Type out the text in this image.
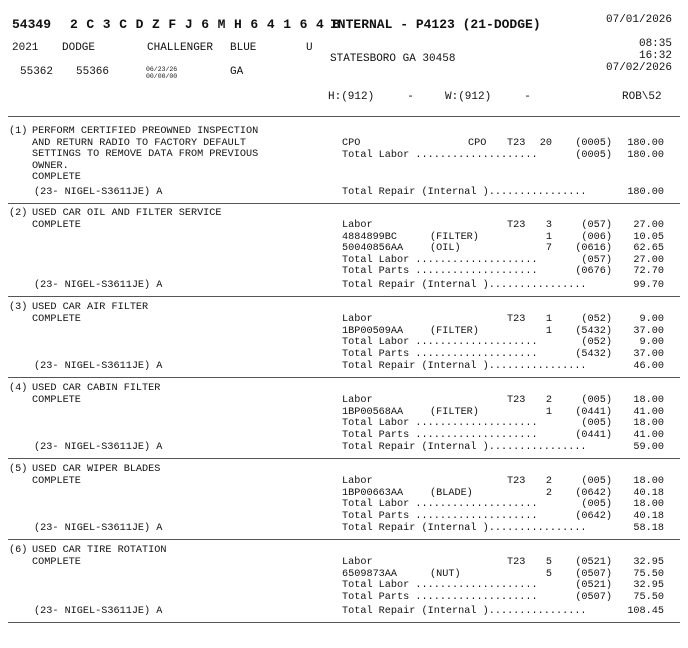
54349 2 C 3 C D Z F J 6 M H 6 4 1 6 4 8
INTERNAL - P4123 (21-DODGE)	07/01/2026
2021 DODGE	CHALLENGER BLUE	U	08:35
16:32
STATESBORO GA 30458
07/02/2026
55362 55366	06/23/26
00/00/00	GA
H:(912)     -	W:(912)     -	ROB\52
(1) PERFORM CERTIFIED PREOWNED INSPECTION
AND RETURN RADIO TO FACTORY DEFAULT
SETTINGS TO REMOVE DATA FROM PREVIOUS
OWNER.
COMPLETE
CPO	CPO T23	20	(0005)	180.00
Total Labor ....................	(0005)	180.00
(23- NIGEL-S3611JE) A	Total Repair (Internal )................	180.00
(2) USED CAR OIL AND FILTER SERVICE
COMPLETE	Labor	T23	3	(057)	27.00
4884899BC	(FILTER)	1	(006)	10.05
50040856AA	(OIL)	7	(0616)	62.65
Total Labor ....................	(057)	27.00
Total Parts ....................	(0676)	72.70
(23- NIGEL-S3611JE) A	Total Repair (Internal )................	99.70
(3) USED CAR AIR FILTER
COMPLETE	Labor	T23	1	(052)	9.00
1BP00509AA	(FILTER)	1	(5432)	37.00
Total Labor ....................	(052)	9.00
Total Parts ....................	(5432)	37.00
(23- NIGEL-S3611JE) A	Total Repair (Internal )................	46.00
(4) USED CAR CABIN FILTER
COMPLETE	Labor	T23	2	(005)	18.00
1BP00568AA	(FILTER)	1	(0441)	41.00
Total Labor ....................	(005)	18.00
Total Parts ....................	(0441)	41.00
(23- NIGEL-S3611JE) A	Total Repair (Internal )................	59.00
(5) USED CAR WIPER BLADES
COMPLETE	Labor	T23	2	(005)	18.00
1BP00663AA	(BLADE)	2	(0642)	40.18
Total Labor ....................	(005)	18.00
Total Parts ....................	(0642)	40.18
(23- NIGEL-S3611JE) A	Total Repair (Internal )................	58.18
(6) USED CAR TIRE ROTATION
COMPLETE	Labor	T23	5	(0521)	32.95
6509873AA	(NUT)	5	(0507)	75.50
Total Labor ....................	(0521)	32.95
Total Parts ....................	(0507)	75.50
(23- NIGEL-S3611JE) A	Total Repair (Internal )................	108.45
